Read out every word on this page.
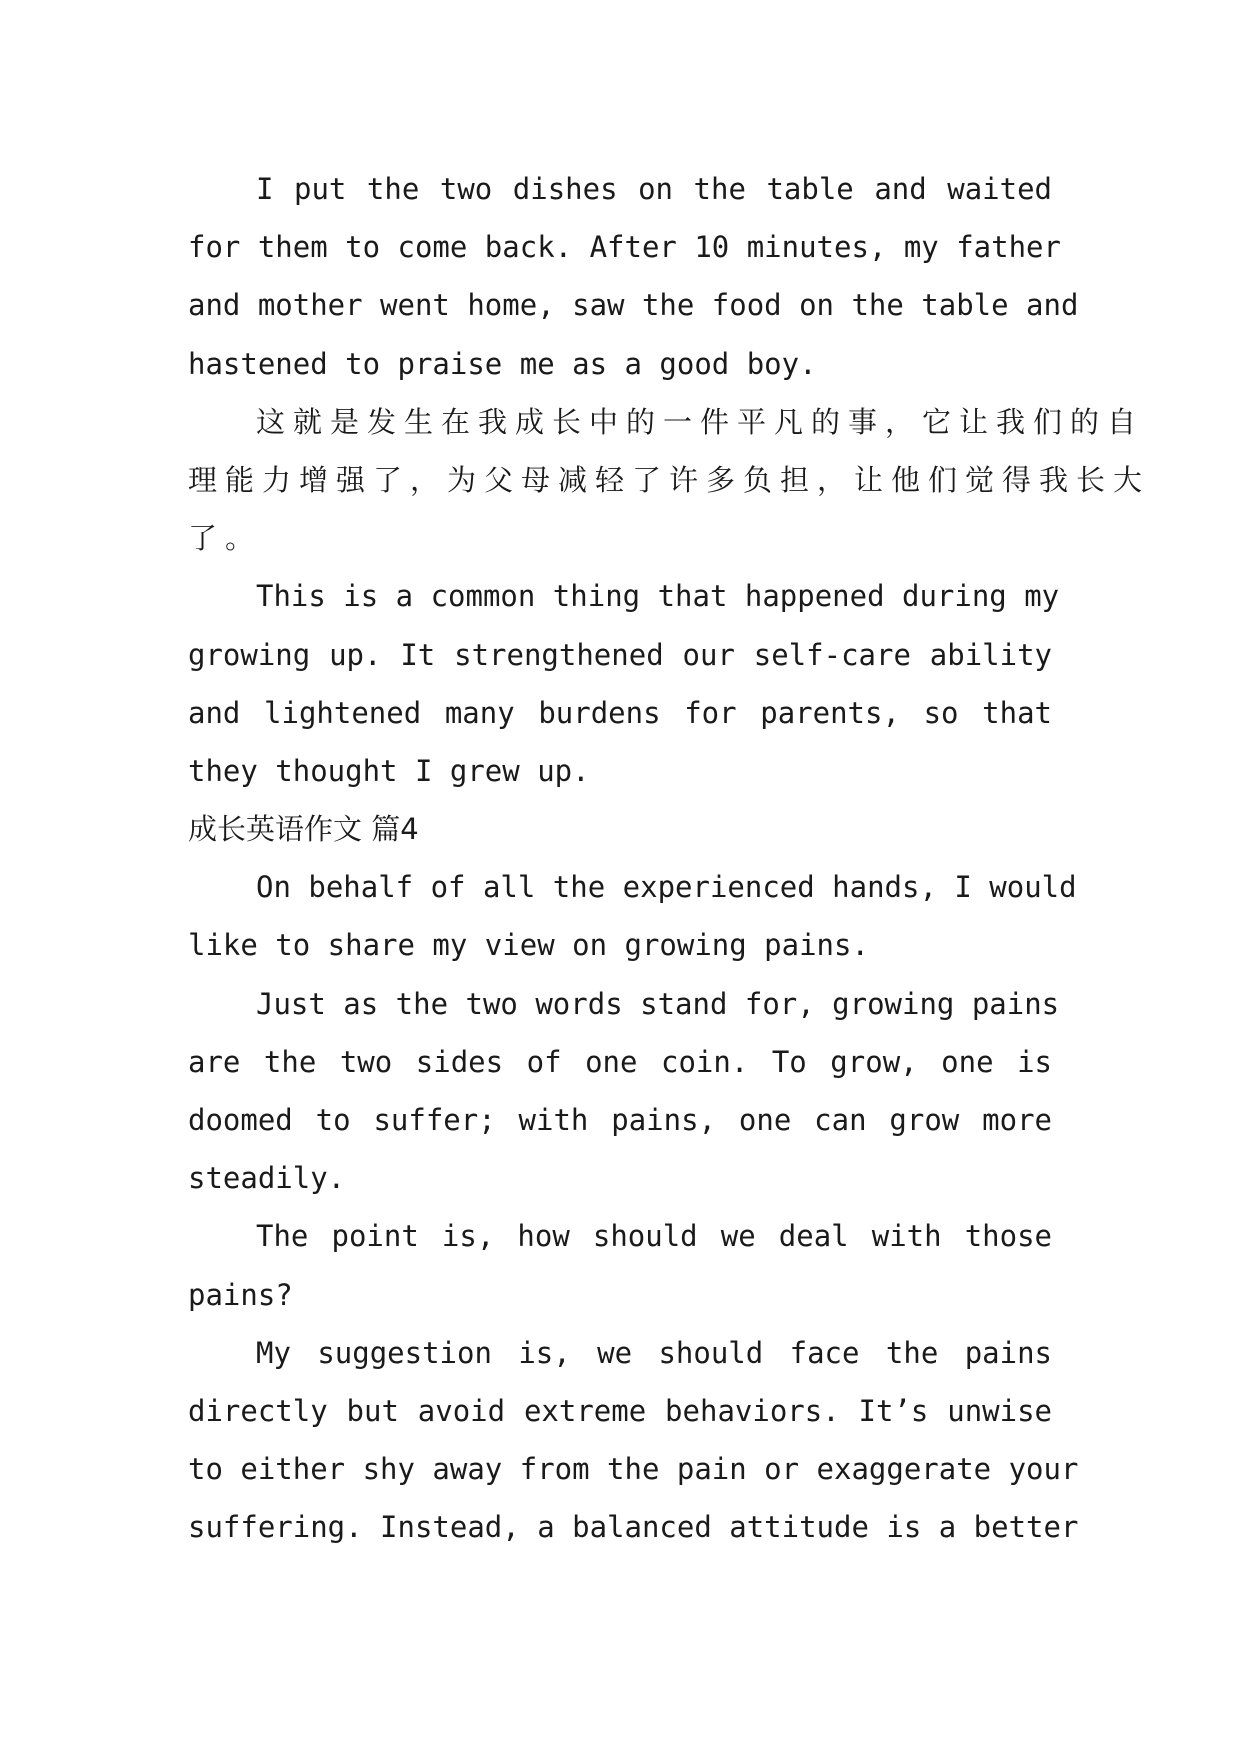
I put the two dishes on the table and waited
for them to come back. After 10 minutes, my father
and mother went home, saw the food on the table and
hastened to praise me as a good boy.
这就是发生在我成长中的一件平凡的事，它让我们的自
理能力增强了，为父母减轻了许多负担，让他们觉得我长大
了。
This is a common thing that happened during my
growing up. It strengthened our self-care ability
and lightened many burdens for parents, so that
they thought I grew up.
成长英语作文 篇4
On behalf of all the experienced hands, I would
like to share my view on growing pains.
Just as the two words stand for, growing pains
are the two sides of one coin. To grow, one is
doomed to suffer; with pains, one can grow more
steadily.
The point is, how should we deal with those
pains?
My suggestion is, we should face the pains
directly but avoid extreme behaviors. It’s unwise
to either shy away from the pain or exaggerate your
suffering. Instead, a balanced attitude is a better
